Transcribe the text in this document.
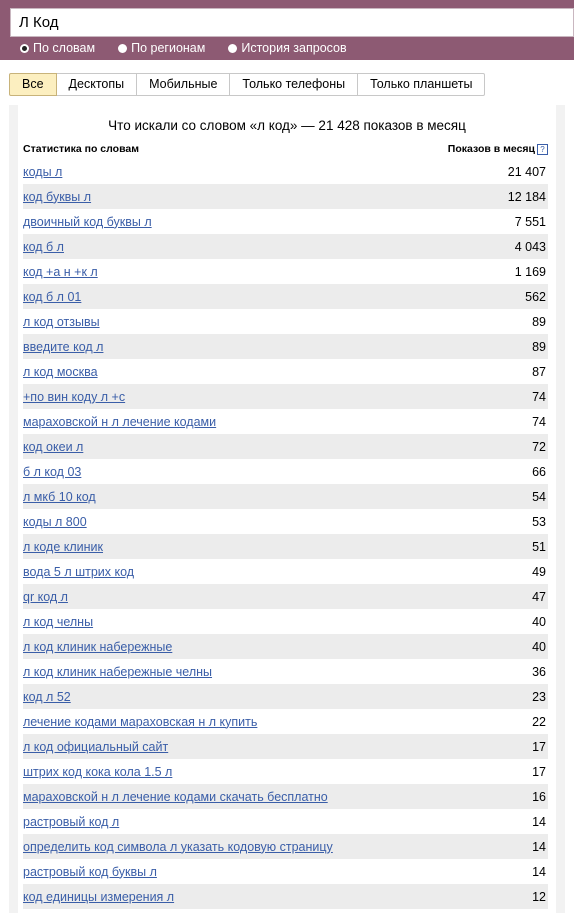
Л Код
По словам	По регионам	История запросов
Все	Десктопы	Мобильные	Только телефоны	Только планшеты
Что искали со словом «л код» — 21 428 показов в месяц
Статистика по словам	Показов в месяц ?
коды л	21 407
код буквы л	12 184
двоичный код буквы л	7 551
код б л	4 043
код +а н +к л	1 169
код б л 01	562
л код отзывы	89
введите код л	89
л код москва	87
+по вин коду л +с	74
мараховской н л лечение кодами	74
код океи л	72
б л код 03	66
л мкб 10 код	54
коды л 800	53
л коде клиник	51
вода 5 л штрих код	49
qr код л	47
л код челны	40
л код клиник набережные	40
л код клиник набережные челны	36
код л 52	23
лечение кодами мараховская н л купить	22
л код официальный сайт	17
штрих код кока кола 1.5 л	17
мараховской н л лечение кодами скачать бесплатно	16
растровый код л	14
определить код символа л указать кодовую страницу	14
растровый код буквы л	14
код единицы измерения л	12
